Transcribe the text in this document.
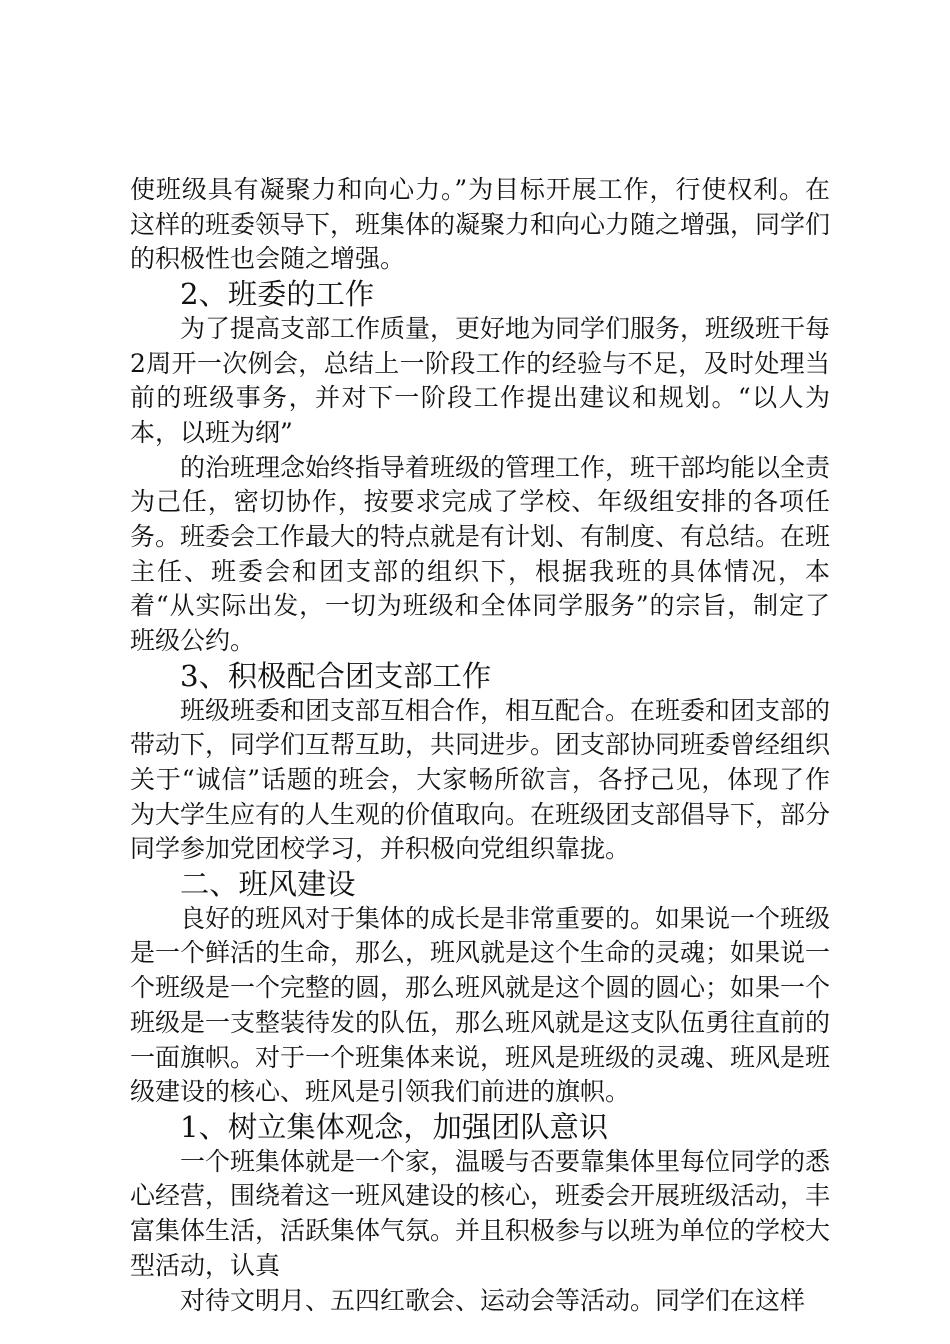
使班级具有凝聚力和向心力。”为目标开展工作，行使权利。在这样的班委领导下，班集体的凝聚力和向心力随之增强，同学们的积极性也会随之增强。

2、班委的工作

为了提高支部工作质量，更好地为同学们服务，班级班干每2周开一次例会，总结上一阶段工作的经验与不足，及时处理当前的班级事务，并对下一阶段工作提出建议和规划。“以人为本，以班为纲”

的治班理念始终指导着班级的管理工作，班干部均能以全责为己任，密切协作，按要求完成了学校、年级组安排的各项任务。班委会工作最大的特点就是有计划、有制度、有总结。在班主任、班委会和团支部的组织下，根据我班的具体情况，本着“从实际出发，一切为班级和全体同学服务”的宗旨，制定了班级公约。

3、积极配合团支部工作

班级班委和团支部互相合作，相互配合。在班委和团支部的带动下，同学们互帮互助，共同进步。团支部协同班委曾经组织关于“诚信”话题的班会，大家畅所欲言，各抒己见，体现了作为大学生应有的人生观的价值取向。在班级团支部倡导下，部分同学参加党团校学习，并积极向党组织靠拢。

二、班风建设

良好的班风对于集体的成长是非常重要的。如果说一个班级是一个鲜活的生命，那么，班风就是这个生命的灵魂；如果说一个班级是一个完整的圆，那么班风就是这个圆的圆心；如果一个班级是一支整装待发的队伍，那么班风就是这支队伍勇往直前的一面旗帜。对于一个班集体来说，班风是班级的灵魂、班风是班级建设的核心、班风是引领我们前进的旗帜。

1、树立集体观念，加强团队意识

一个班集体就是一个家，温暖与否要靠集体里每位同学的悉心经营，围绕着这一班风建设的核心，班委会开展班级活动，丰富集体生活，活跃集体气氛。并且积极参与以班为单位的学校大型活动，认真

对待文明月、五四红歌会、运动会等活动。同学们在这样
